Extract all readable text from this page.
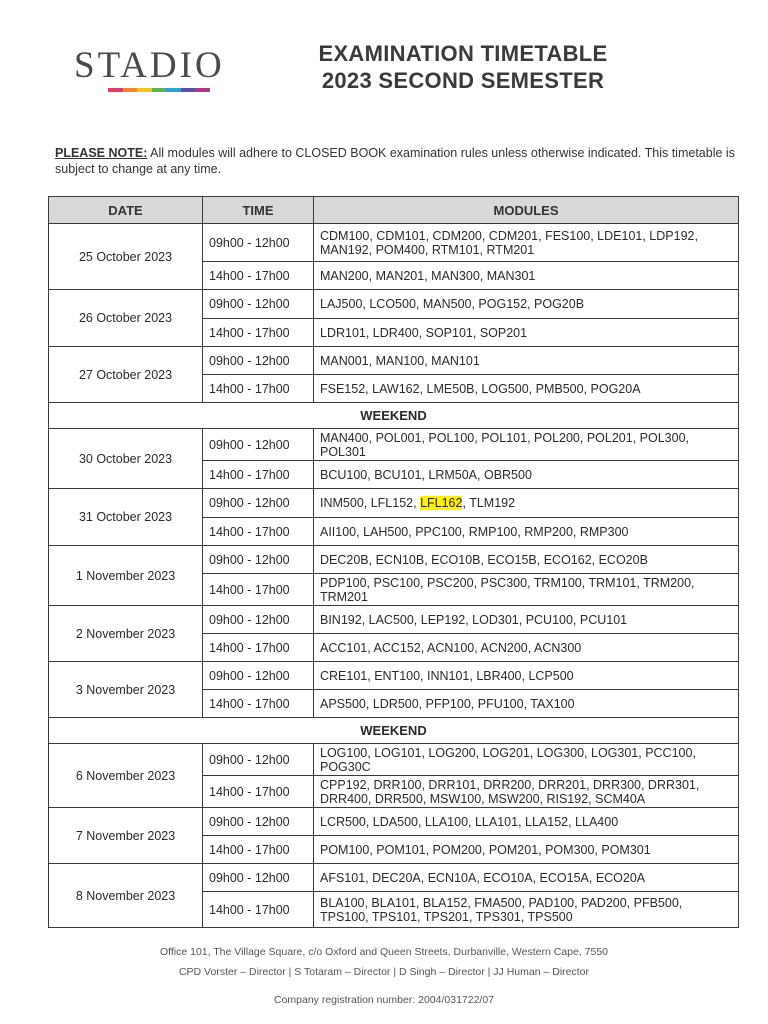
STADIO	EXAMINATION TIMETABLE
2023 SECOND SEMESTER
PLEASE NOTE: All modules will adhere to CLOSED BOOK examination rules unless otherwise indicated. This timetable is subject to change at any time.
DATE	TIME	MODULES
25 October 2023	09h00 - 12h00	CDM100, CDM101, CDM200, CDM201, FES100, LDE101, LDP192, MAN192, POM400, RTM101, RTM201
	14h00 - 17h00	MAN200, MAN201, MAN300, MAN301
26 October 2023	09h00 - 12h00	LAJ500, LCO500, MAN500, POG152, POG20B
	14h00 - 17h00	LDR101, LDR400, SOP101, SOP201
27 October 2023	09h00 - 12h00	MAN001, MAN100, MAN101
	14h00 - 17h00	FSE152, LAW162, LME50B, LOG500, PMB500, POG20A
WEEKEND		
30 October 2023	09h00 - 12h00	MAN400, POL001, POL100, POL101, POL200, POL201, POL300, POL301
	14h00 - 17h00	BCU100, BCU101, LRM50A, OBR500
31 October 2023	09h00 - 12h00	INM500, LFL152, LFL162, TLM192
	14h00 - 17h00	AII100, LAH500, PPC100, RMP100, RMP200, RMP300
1 November 2023	09h00 - 12h00	DEC20B, ECN10B, ECO10B, ECO15B, ECO162, ECO20B
	14h00 - 17h00	PDP100, PSC100, PSC200, PSC300, TRM100, TRM101, TRM200, TRM201
2 November 2023	09h00 - 12h00	BIN192, LAC500, LEP192, LOD301, PCU100, PCU101
	14h00 - 17h00	ACC101, ACC152, ACN100, ACN200, ACN300
3 November 2023	09h00 - 12h00	CRE101, ENT100, INN101, LBR400, LCP500
	14h00 - 17h00	APS500, LDR500, PFP100, PFU100, TAX100
WEEKEND		
6 November 2023	09h00 - 12h00	LOG100, LOG101, LOG200, LOG201, LOG300, LOG301, PCC100, POG30C
	14h00 - 17h00	CPP192, DRR100, DRR101, DRR200, DRR201, DRR300, DRR301, DRR400, DRR500, MSW100, MSW200, RIS192, SCM40A
7 November 2023	09h00 - 12h00	LCR500, LDA500, LLA100, LLA101, LLA152, LLA400
	14h00 - 17h00	POM100, POM101, POM200, POM201, POM300, POM301
8 November 2023	09h00 - 12h00	AFS101, DEC20A, ECN10A, ECO10A, ECO15A, ECO20A
	14h00 - 17h00	BLA100, BLA101, BLA152, FMA500, PAD100, PAD200, PFB500, TPS100, TPS101, TPS201, TPS301, TPS500
Office 101, The Village Square, c/o Oxford and Queen Streets, Durbanville, Western Cape, 7550
CPD Vorster – Director | S Totaram – Director | D Singh – Director | JJ Human – Director
Company registration number: 2004/031722/07
